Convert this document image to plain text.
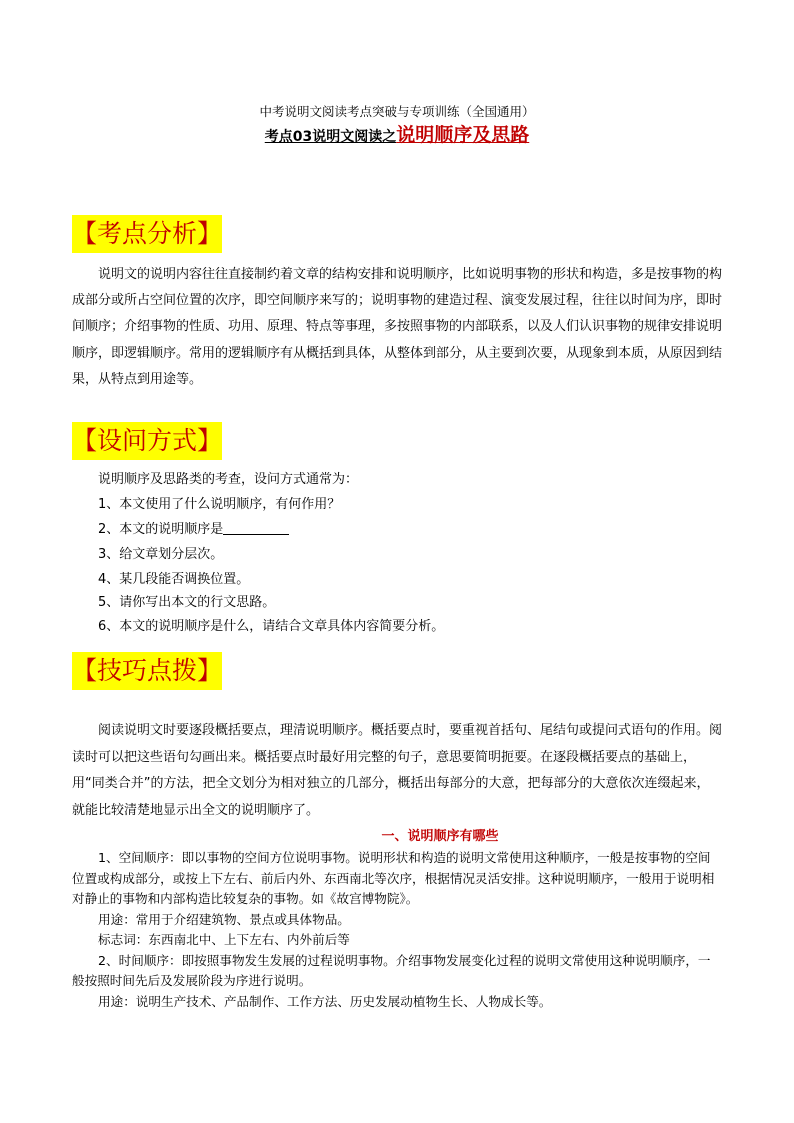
中考说明文阅读考点突破与专项训练（全国通用）
考点03说明文阅读之说明顺序及思路
【考点分析】

说明文的说明内容往往直接制约着文章的结构安排和说明顺序，比如说明事物的形状和构造，多是按事物的构成部分或所占空间位置的次序，即空间顺序来写的；说明事物的建造过程、演变发展过程，往往以时间为序，即时间顺序；介绍事物的性质、功用、原理、特点等事理，多按照事物的内部联系，以及人们认识事物的规律安排说明顺序，即逻辑顺序。常用的逻辑顺序有从概括到具体，从整体到部分，从主要到次要，从现象到本质，从原因到结果，从特点到用途等。

【设问方式】
说明顺序及思路类的考查，设问方式通常为：
1、本文使用了什么说明顺序，有何作用？
2、本文的说明顺序是
3、给文章划分层次。
4、某几段能否调换位置。
5、请你写出本文的行文思路。
6、本文的说明顺序是什么，请结合文章具体内容简要分析。
【技巧点拨】

阅读说明文时要逐段概括要点，理清说明顺序。概括要点时，要重视首括句、尾结句或提问式语句的作用。阅读时可以把这些语句勾画出来。概括要点时最好用完整的句子，意思要简明扼要。在逐段概括要点的基础上，用“同类合并”的方法，把全文划分为相对独立的几部分，概括出每部分的大意，把每部分的大意依次连缀起来，就能比较清楚地显示出全文的说明顺序了。

一、说明顺序有哪些

1、空间顺序：即以事物的空间方位说明事物。说明形状和构造的说明文常使用这种顺序，一般是按事物的空间位置或构成部分，或按上下左右、前后内外、东西南北等次序，根据情况灵活安排。这种说明顺序，一般用于说明相对静止的事物和内部构造比较复杂的事物。如《故宫博物院》。

用途：常用于介绍建筑物、景点或具体物品。

标志词：东西南北中、上下左右、内外前后等

2、时间顺序：即按照事物发生发展的过程说明事物。介绍事物发展变化过程的说明文常使用这种说明顺序，一般按照时间先后及发展阶段为序进行说明。

用途：说明生产技术、产品制作、工作方法、历史发展动植物生长、人物成长等。
